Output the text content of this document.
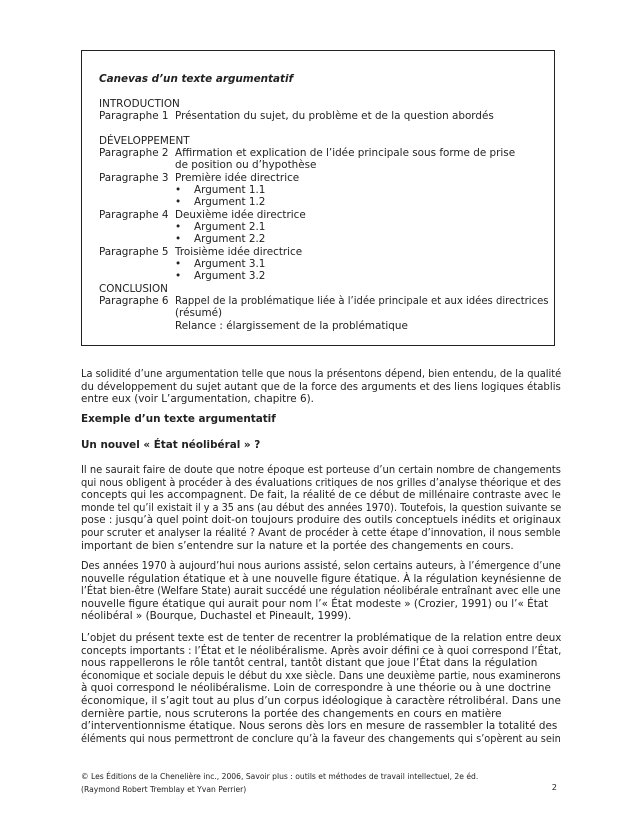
Canevas d’un texte argumentatif
INTRODUCTION
Paragraphe 1 Présentation du sujet, du problème et de la question abordés
DÉVELOPPEMENT
Paragraphe 2 Affirmation et explication de l’idée principale sous forme de prise
de position ou d’hypothèse
Paragraphe 3 Première idée directrice
• Argument 1.1
• Argument 1.2
Paragraphe 4 Deuxième idée directrice
• Argument 2.1
• Argument 2.2
Paragraphe 5 Troisième idée directrice
• Argument 3.1
• Argument 3.2
CONCLUSION
Paragraphe 6 Rappel de la problématique liée à l’idée principale et aux idées directrices
(résumé)
Relance : élargissement de la problématique

La solidité d’une argumentation telle que nous la présentons dépend, bien entendu, de la qualité

du développement du sujet autant que de la force des arguments et des liens logiques établis

entre eux (voir L’argumentation, chapitre 6).

Exemple d’un texte argumentatif
Un nouvel « État néolibéral » ?

Il ne saurait faire de doute que notre époque est porteuse d’un certain nombre de changements

qui nous obligent à procéder à des évaluations critiques de nos grilles d’analyse théorique et des

concepts qui les accompagnent. De fait, la réalité de ce début de millénaire contraste avec le

monde tel qu’il existait il y a 35 ans (au début des années 1970). Toutefois, la question suivante se

pose : jusqu’à quel point doit-on toujours produire des outils conceptuels inédits et originaux

pour scruter et analyser la réalité ? Avant de procéder à cette étape d’innovation, il nous semble

important de bien s’entendre sur la nature et la portée des changements en cours.

Des années 1970 à aujourd’hui nous aurions assisté, selon certains auteurs, à l’émergence d’une

nouvelle régulation étatique et à une nouvelle figure étatique. À la régulation keynésienne de

l’État bien-être (Welfare State) aurait succédé une régulation néolibérale entraînant avec elle une

nouvelle figure étatique qui aurait pour nom l’« État modeste » (Crozier, 1991) ou l’« État

néolibéral » (Bourque, Duchastel et Pineault, 1999).

L’objet du présent texte est de tenter de recentrer la problématique de la relation entre deux

concepts importants : l’État et le néolibéralisme. Après avoir défini ce à quoi correspond l’État,

nous rappellerons le rôle tantôt central, tantôt distant que joue l’État dans la régulation

économique et sociale depuis le début du xxe siècle. Dans une deuxième partie, nous examinerons

à quoi correspond le néolibéralisme. Loin de correspondre à une théorie ou à une doctrine

économique, il s’agit tout au plus d’un corpus idéologique à caractère rétrolibéral. Dans une

dernière partie, nous scruterons la portée des changements en cours en matière

d’interventionnisme étatique. Nous serons dès lors en mesure de rassembler la totalité des

éléments qui nous permettront de conclure qu’à la faveur des changements qui s’opèrent au sein

© Les Éditions de la Chenelière inc., 2006, Savoir plus : outils et méthodes de travail intellectuel, 2e éd. (Raymond Robert Tremblay et Yvan Perrier)	2
